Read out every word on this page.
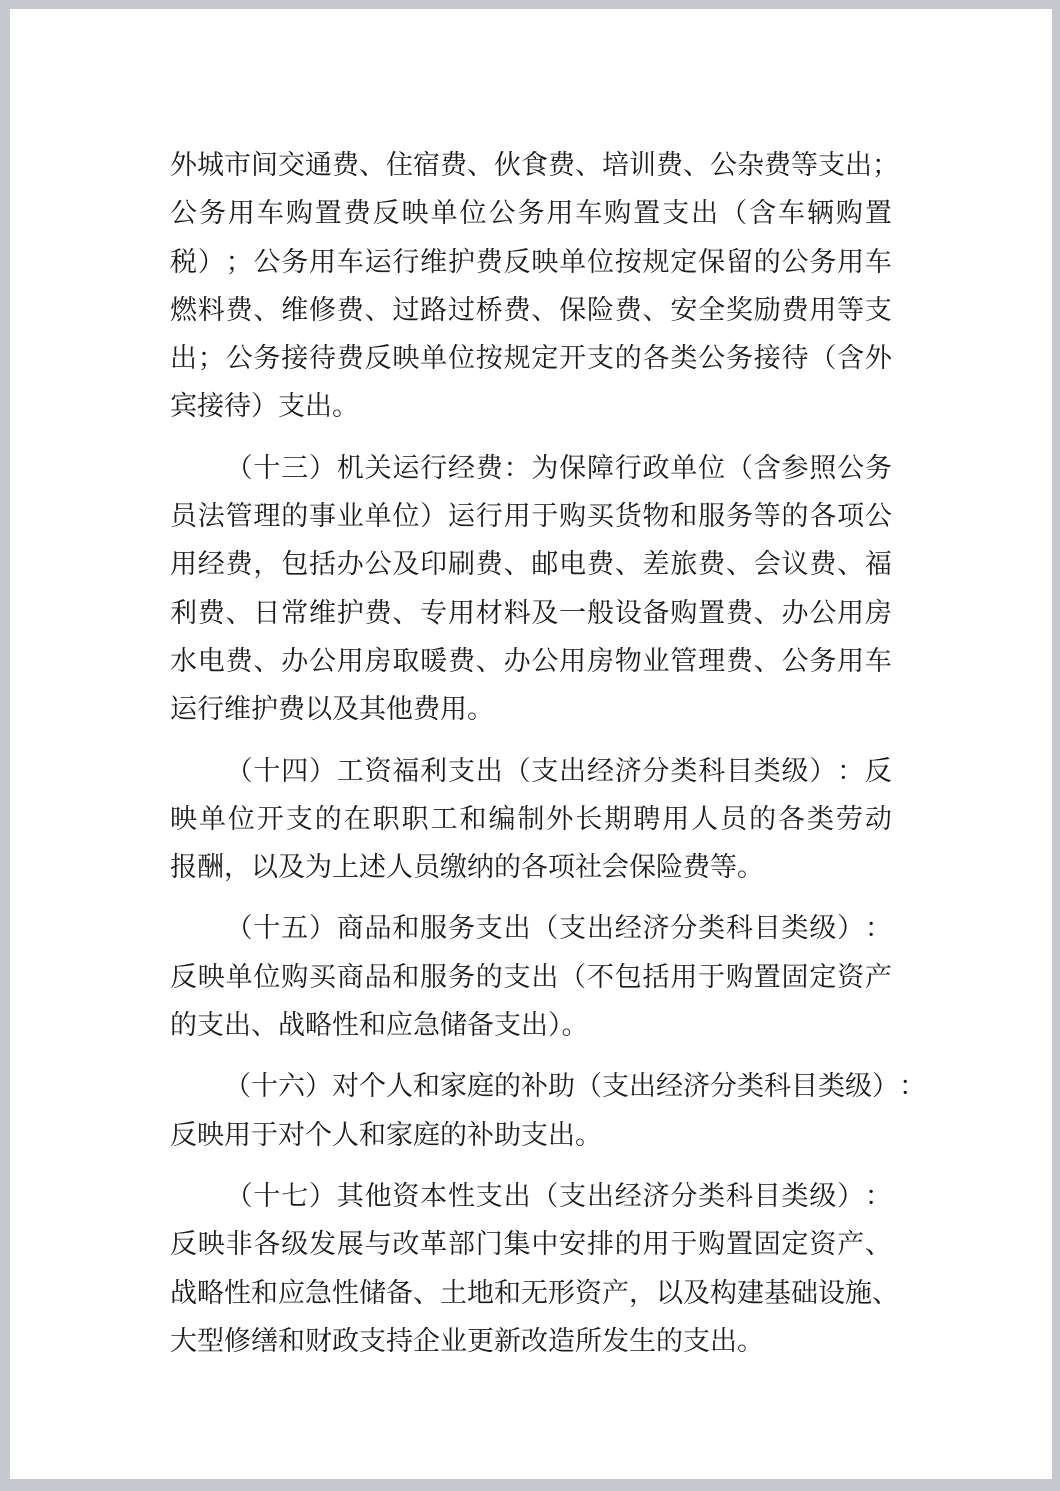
外 城 市 间 交 通 费 、 住 宿 费 、 伙 食 费 、 培 训 费 、 公 杂 费 等 支 出 ；
公 务 用 车 购 置 费 反 映 单 位 公 务 用 车 购 置 支 出 （ 含 车 辆 购 置
税 ） ； 公 务 用 车 运 行 维 护 费 反 映 单 位 按 规 定 保 留 的 公 务 用 车
燃 料 费 、 维 修 费 、 过 路 过 桥 费 、 保 险 费 、 安 全 奖 励 费 用 等 支
出 ； 公 务 接 待 费 反 映 单 位 按 规 定 开 支 的 各 类 公 务 接 待 （ 含 外
宾接待）支出。

（ 十 三 ） 机 关 运 行 经 费 ： 为 保 障 行 政 单 位 （ 含 参 照 公 务
员 法 管 理 的 事 业 单 位 ） 运 行 用 于 购 买 货 物 和 服 务 等 的 各 项 公
用 经 费 ， 包 括 办 公 及 印 刷 费 、 邮 电 费 、 差 旅 费 、 会 议 费 、 福
利 费 、 日 常 维 护 费 、 专 用 材 料 及 一 般 设 备 购 置 费 、 办 公 用 房
水 电 费 、 办 公 用 房 取 暖 费 、 办 公 用 房 物 业 管 理 费 、 公 务 用 车
运行维护费以及其他费用。

（ 十 四 ） 工 资 福 利 支 出 （ 支 出 经 济 分 类 科 目 类 级 ） ： 反
映 单 位 开 支 的 在 职 职 工 和 编 制 外 长 期 聘 用 人 员 的 各 类 劳 动
报酬，以及为上述人员缴纳的各项社会保险费等。

（ 十 五 ） 商 品 和 服 务 支 出 （ 支 出 经 济 分 类 科 目 类 级 ） ：
反 映 单 位 购 买 商 品 和 服 务 的 支 出 （ 不 包 括 用 于 购 置 固 定 资 产
的支出、战略性和应急储备支出）。

（ 十 六 ） 对 个 人 和 家 庭 的 补 助 （ 支 出 经 济 分 类 科 目 类 级 ） ：
反映用于对个人和家庭的补助支出。

（ 十 七 ） 其 他 资 本 性 支 出 （ 支 出 经 济 分 类 科 目 类 级 ） ：
反 映 非 各 级 发 展 与 改 革 部 门 集 中 安 排 的 用 于 购 置 固 定 资 产 、
战 略 性 和 应 急 性 储 备 、 土 地 和 无 形 资 产 ， 以 及 构 建 基 础 设 施 、
大型修缮和财政支持企业更新改造所发生的支出。
